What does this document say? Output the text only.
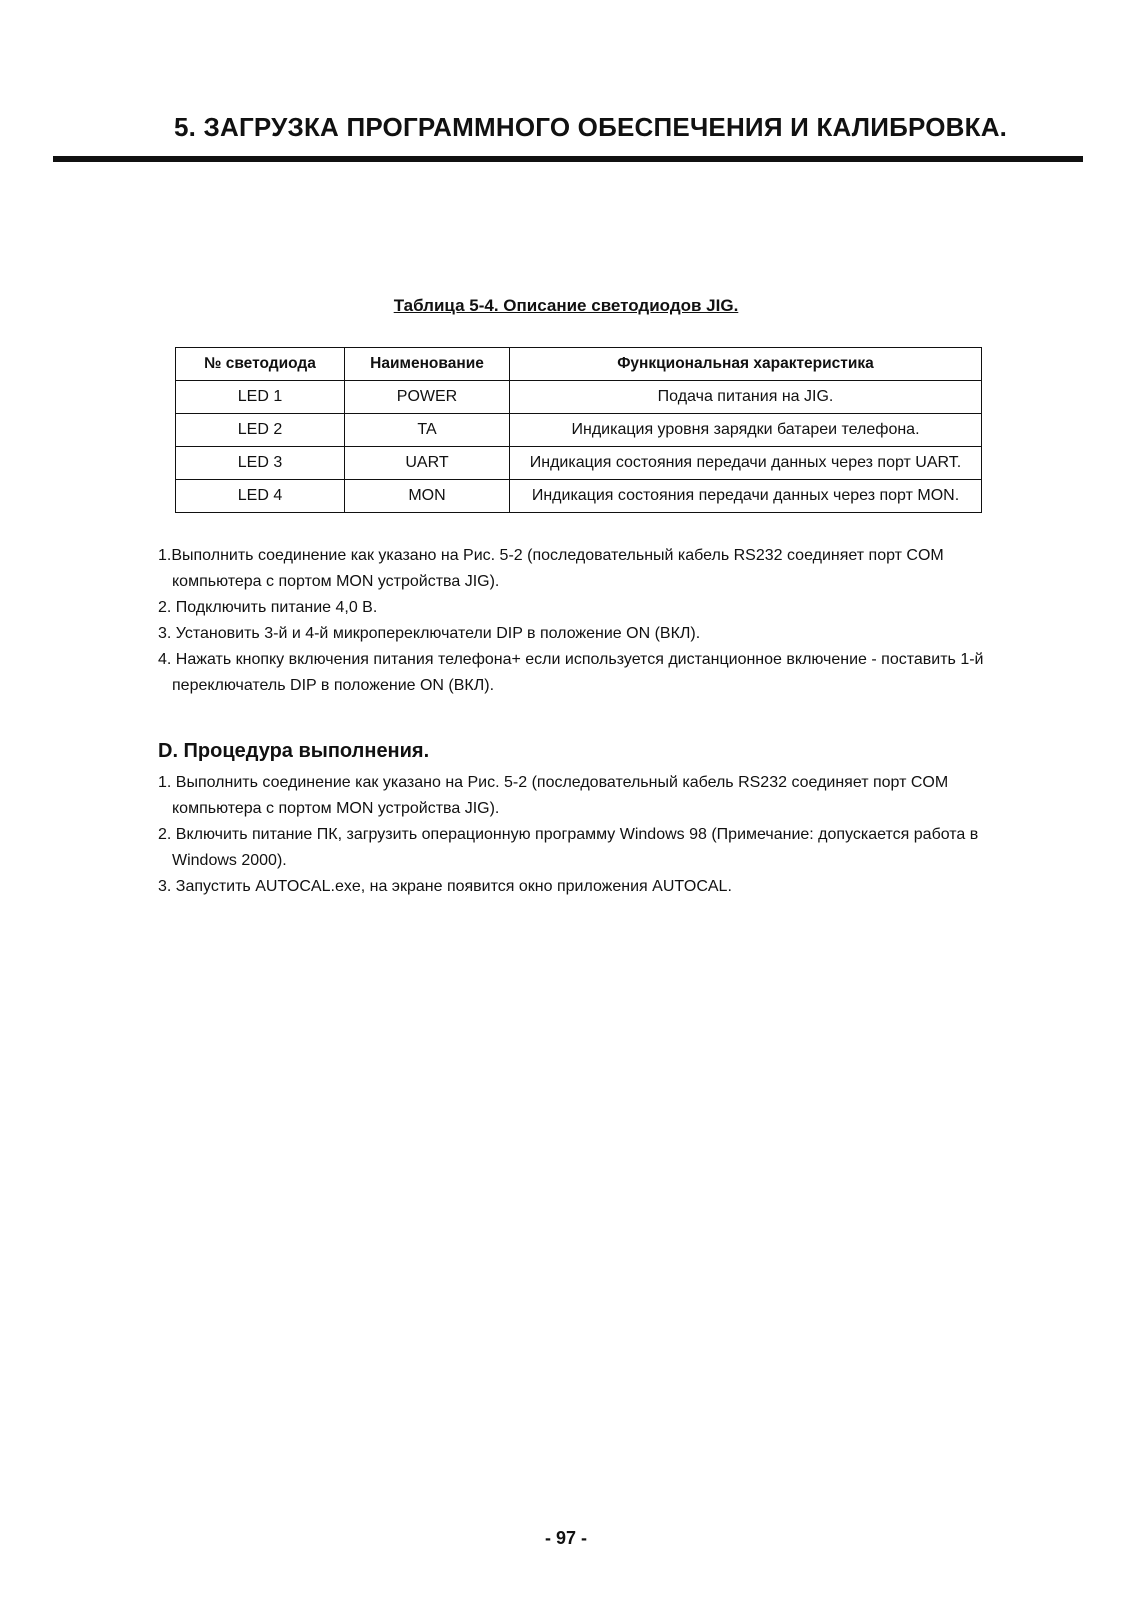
5. ЗАГРУЗКА ПРОГРАММНОГО ОБЕСПЕЧЕНИЯ И КАЛИБРОВКА.
Таблица 5-4. Описание светодиодов JIG.
№ светодиода	Наименование	Функциональная характеристика
LED 1	POWER	Подача питания на JIG.
LED 2	TA	Индикация уровня зарядки батареи телефона.
LED 3	UART	Индикация состояния передачи данных через порт UART.
LED 4	MON	Индикация состояния передачи данных через порт MON.

1.Выполнить соединение как указано на Рис. 5-2 (последовательный кабель RS232 соединяет порт COM

компьютера с портом MON устройства JIG).

2. Подключить питание 4,0 В.

3. Установить 3-й и 4-й микропереключатели DIP в положение ON (ВКЛ).

4. Нажать кнопку включения питания телефона+ если используется дистанционное включение - поставить 1-й

переключатель DIP в положение ON (ВКЛ).

D. Процедура выполнения.

1. Выполнить соединение как указано на Рис. 5-2 (последовательный кабель RS232 соединяет порт COM

компьютера с портом MON устройства JIG).

2. Включить питание ПК, загрузить операционную программу Windows 98 (Примечание: допускается работа в

Windows 2000).

3. Запустить AUTOCAL.exe, на экране появится окно приложения AUTOCAL.

- 97 -
